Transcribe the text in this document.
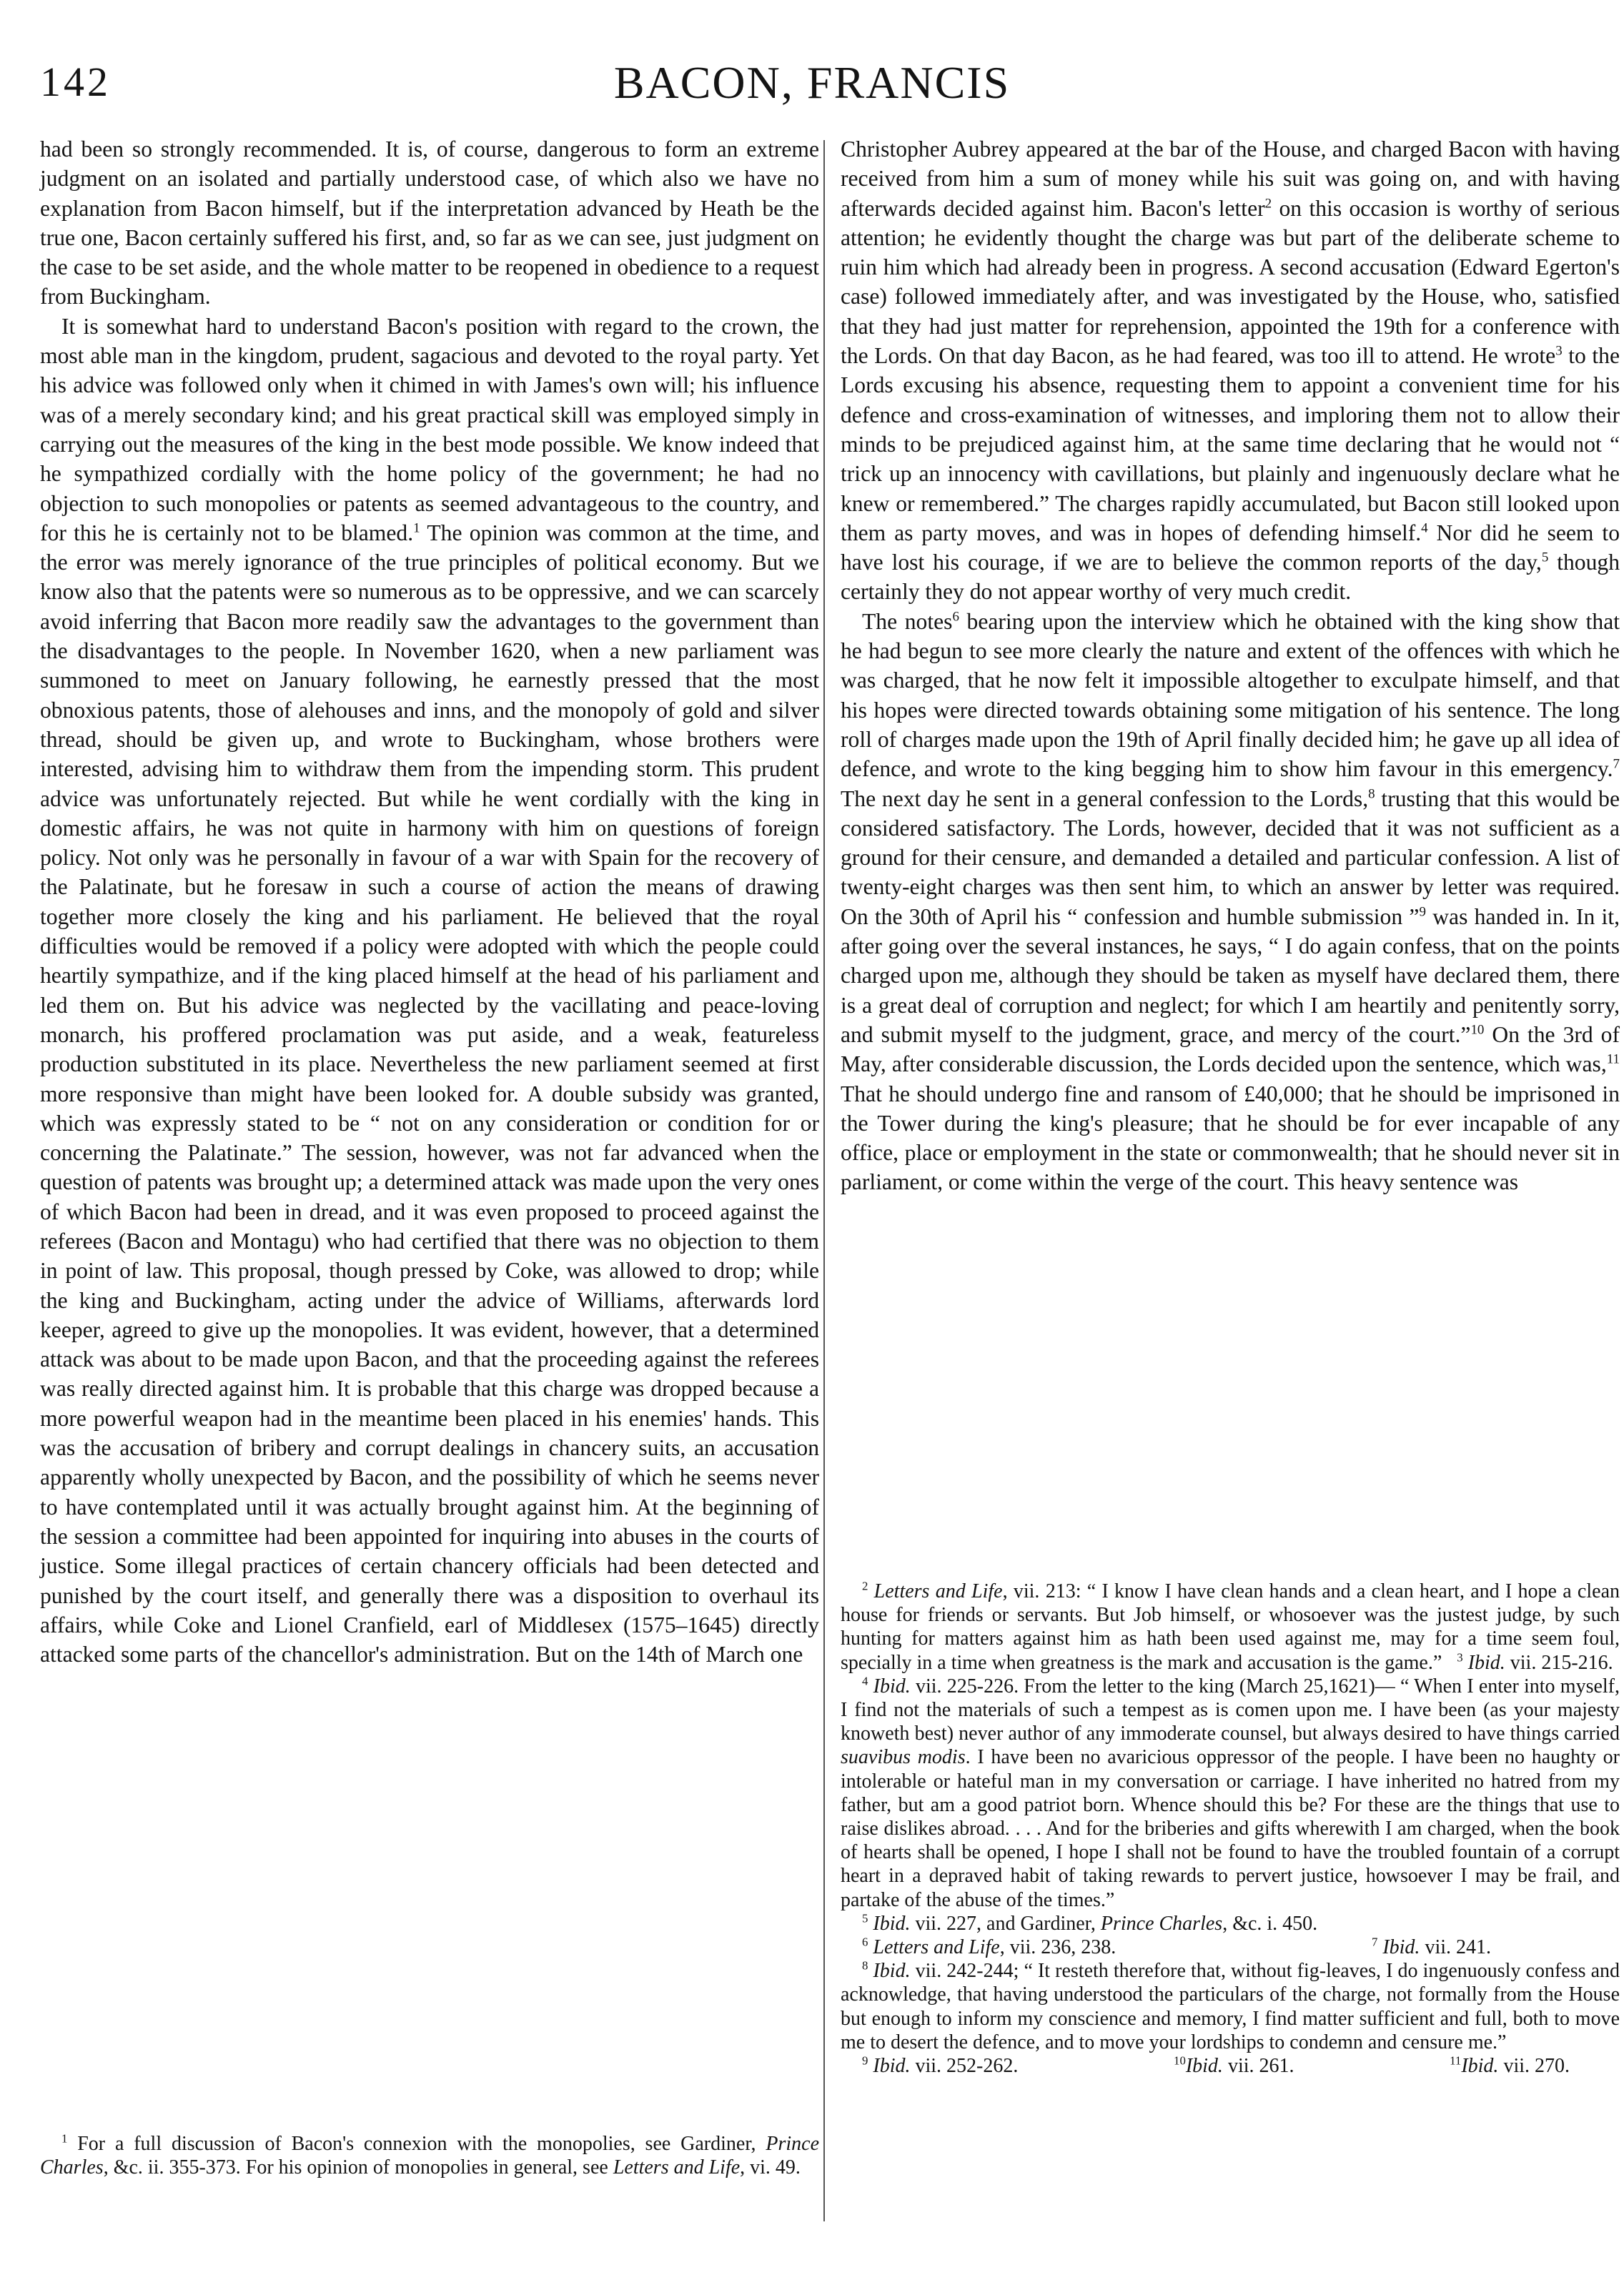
142	BACON, FRANCIS

had been so strongly recommended. It is, of course, dangerous to form an extreme judgment on an isolated and partially understood case, of which also we have no explanation from Bacon himself, but if the interpretation advanced by Heath be the true one, Bacon certainly suffered his first, and, so far as we can see, just judgment on the case to be set aside, and the whole matter to be reopened in obedience to a request from Buckingham.

It is somewhat hard to understand Bacon's position with regard to the crown, the most able man in the kingdom, prudent, sagacious and devoted to the royal party. Yet his advice was followed only when it chimed in with James's own will; his influence was of a merely secondary kind; and his great practical skill was employed simply in carrying out the measures of the king in the best mode possible. We know indeed that he sympathized cordially with the home policy of the government; he had no objection to such monopolies or patents as seemed advantageous to the country, and for this he is certainly not to be blamed.$^1$ The opinion was common at the time, and the error was merely ignorance of the true principles of political economy. But we know also that the patents were so numerous as to be oppressive, and we can scarcely avoid inferring that Bacon more readily saw the advantages to the government than the disadvantages to the people. In November 1620, when a new parliament was summoned to meet on January following, he earnestly pressed that the most obnoxious patents, those of alehouses and inns, and the monopoly of gold and silver thread, should be given up, and wrote to Buckingham, whose brothers were interested, advising him to withdraw them from the impending storm. This prudent advice was unfortunately rejected. But while he went cordially with the king in domestic affairs, he was not quite in harmony with him on questions of foreign policy. Not only was he personally in favour of a war with Spain for the recovery of the Palatinate, but he foresaw in such a course of action the means of drawing together more closely the king and his parliament. He believed that the royal difficulties would be removed if a policy were adopted with which the people could heartily sympathize, and if the king placed himself at the head of his parliament and led them on. But his advice was neglected by the vacillating and peace-loving monarch, his proffered proclamation was put aside, and a weak, featureless production substituted in its place. Nevertheless the new parliament seemed at first more responsive than might have been looked for. A double subsidy was granted, which was expressly stated to be “ not on any consideration or condition for or concerning the Palatinate.” The session, however, was not far advanced when the question of patents was brought up; a determined attack was made upon the very ones of which Bacon had been in dread, and it was even proposed to proceed against the referees (Bacon and Montagu) who had certified that there was no objection to them in point of law. This proposal, though pressed by Coke, was allowed to drop; while the king and Buckingham, acting under the advice of Williams, afterwards lord keeper, agreed to give up the monopolies. It was evident, however, that a determined attack was about to be made upon Bacon, and that the proceeding against the referees was really directed against him. It is probable that this charge was dropped because a more powerful weapon had in the meantime been placed in his enemies' hands. This was the accusation of bribery and corrupt dealings in chancery suits, an accusation apparently wholly unexpected by Bacon, and the possibility of which he seems never to have contemplated until it was actually brought against him. At the beginning of the session a committee had been appointed for inquiring into abuses in the courts of justice. Some illegal practices of certain chancery officials had been detected and punished by the court itself, and generally there was a disposition to overhaul its affairs, while Coke and Lionel Cranfield, earl of Middlesex (1575–1645) directly attacked some parts of the chancellor's administration. But on the 14th of March one

$^1$ For a full discussion of Bacon's connexion with the monopolies, see Gardiner, Prince Charles, &c. ii. 355-373. For his opinion of monopolies in general, see Letters and Life, vi. 49.

Christopher Aubrey appeared at the bar of the House, and charged Bacon with having received from him a sum of money while his suit was going on, and with having afterwards decided against him. Bacon's letter$^2$ on this occasion is worthy of serious attention; he evidently thought the charge was but part of the deliberate scheme to ruin him which had already been in progress. A second accusation (Edward Egerton's case) followed immediately after, and was investigated by the House, who, satisfied that they had just matter for reprehension, appointed the 19th for a conference with the Lords. On that day Bacon, as he had feared, was too ill to attend. He wrote$^3$ to the Lords excusing his absence, requesting them to appoint a convenient time for his defence and cross-examination of witnesses, and imploring them not to allow their minds to be prejudiced against him, at the same time declaring that he would not “ trick up an innocency with cavillations, but plainly and ingenuously declare what he knew or remembered.” The charges rapidly accumulated, but Bacon still looked upon them as party moves, and was in hopes of defending himself.$^4$ Nor did he seem to have lost his courage, if we are to believe the common reports of the day,$^5$ though certainly they do not appear worthy of very much credit.

The notes$^6$ bearing upon the interview which he obtained with the king show that he had begun to see more clearly the nature and extent of the offences with which he was charged, that he now felt it impossible altogether to exculpate himself, and that his hopes were directed towards obtaining some mitigation of his sentence. The long roll of charges made upon the 19th of April finally decided him; he gave up all idea of defence, and wrote to the king begging him to show him favour in this emergency.$^7$ The next day he sent in a general confession to the Lords,$^8$ trusting that this would be considered satisfactory. The Lords, however, decided that it was not sufficient as a ground for their censure, and demanded a detailed and particular confession. A list of twenty-eight charges was then sent him, to which an answer by letter was required. On the 30th of April his “ confession and humble submission ”$^9$ was handed in. In it, after going over the several instances, he says, “ I do again confess, that on the points charged upon me, although they should be taken as myself have declared them, there is a great deal of corruption and neglect; for which I am heartily and penitently sorry, and submit myself to the judgment, grace, and mercy of the court.”$^{10}$ On the 3rd of May, after considerable discussion, the Lords decided upon the sentence, which was,$^{11}$ That he should undergo fine and ransom of £40,000; that he should be imprisoned in the Tower during the king's pleasure; that he should be for ever incapable of any office, place or employment in the state or commonwealth; that he should never sit in parliament, or come within the verge of the court. This heavy sentence was

$^2$ Letters and Life, vii. 213: “ I know I have clean hands and a clean heart, and I hope a clean house for friends or servants. But Job himself, or whosoever was the justest judge, by such hunting for matters against him as hath been used against me, may for a time seem foul, specially in a time when greatness is the mark and accusation is the game.” $^3$ Ibid. vii. 215-216.

$^4$ Ibid. vii. 225-226. From the letter to the king (March 25,1621)— “ When I enter into myself, I find not the materials of such a tempest as is comen upon me. I have been (as your majesty knoweth best) never author of any immoderate counsel, but always desired to have things carried suavibus modis. I have been no avaricious oppressor of the people. I have been no haughty or intolerable or hateful man in my conversation or carriage. I have inherited no hatred from my father, but am a good patriot born. Whence should this be? For these are the things that use to raise dislikes abroad. . . . And for the briberies and gifts wherewith I am charged, when the book of hearts shall be opened, I hope I shall not be found to have the troubled fountain of a corrupt heart in a depraved habit of taking rewards to pervert justice, howsoever I may be frail, and partake of the abuse of the times.”

$^5$ Ibid. vii. 227, and Gardiner, Prince Charles, &c. i. 450.

$^6$ Letters and Life, vii. 236, 238.	$^7$ Ibid. vii. 241.

$^8$ Ibid. vii. 242-244; “ It resteth therefore that, without fig-leaves, I do ingenuously confess and acknowledge, that having understood the particulars of the charge, not formally from the House but enough to inform my conscience and memory, I find matter sufficient and full, both to move me to desert the defence, and to move your lordships to condemn and censure me.”

$^9$ Ibid. vii. 252-262.	$^{10}$Ibid. vii. 261.	$^{11}$Ibid. vii. 270.
